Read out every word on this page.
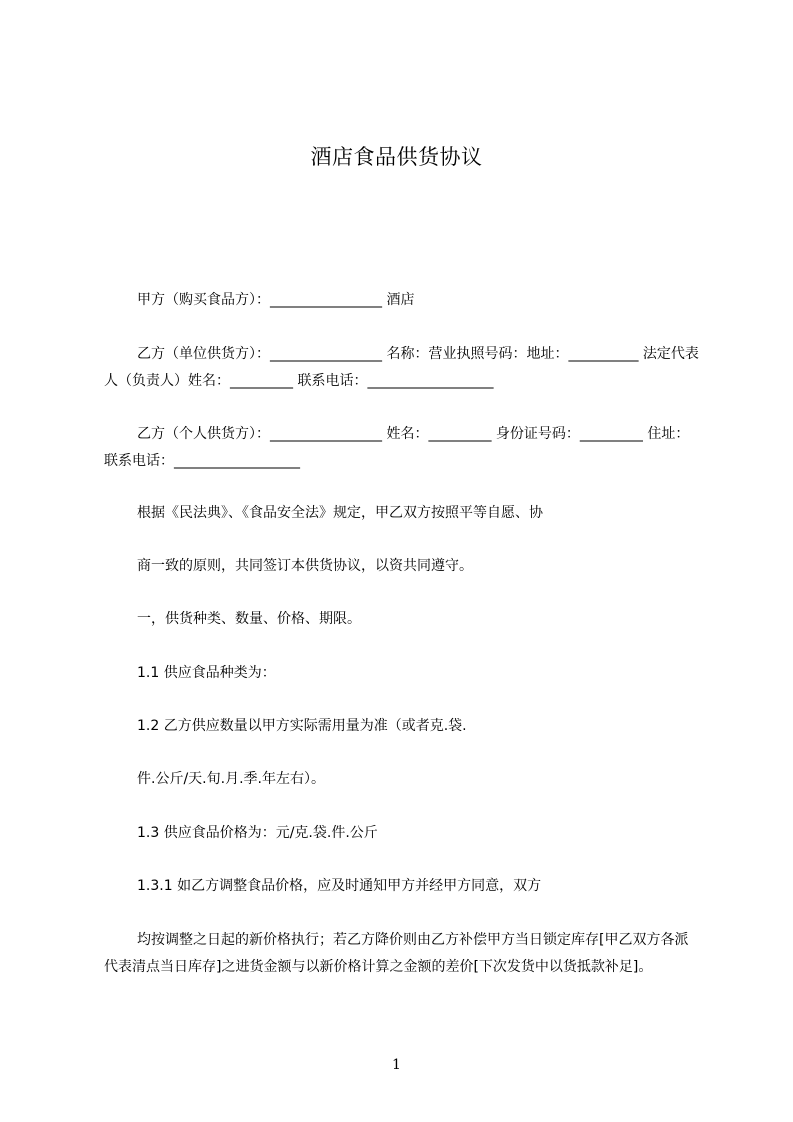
酒店食品供货协议
甲方（购买食品方）：________________ 酒店
乙方（单位供货方）：________________ 名称：营业执照号码：地址：__________ 法定代表人（负责人）姓名：_________ 联系电话：__________________
乙方（个人供货方）：________________ 姓名：_________ 身份证号码：_________ 住址：联系电话：__________________
根据《民法典》、《食品安全法》规定，甲乙双方按照平等自愿、协
商一致的原则，共同签订本供货协议，以资共同遵守。
一，供货种类、数量、价格、期限。
1.1 供应食品种类为：
1.2 乙方供应数量以甲方实际需用量为准（或者克.袋.
件.公斤/天.旬.月.季.年左右）。
1.3 供应食品价格为：元/克.袋.件.公斤
1.3.1 如乙方调整食品价格，应及时通知甲方并经甲方同意，双方
均按调整之日起的新价格执行；若乙方降价则由乙方补偿甲方当日锁定库存[甲乙双方各派代表清点当日库存]之进货金额与以新价格计算之金额的差价[下次发货中以货抵款补足]。
1
